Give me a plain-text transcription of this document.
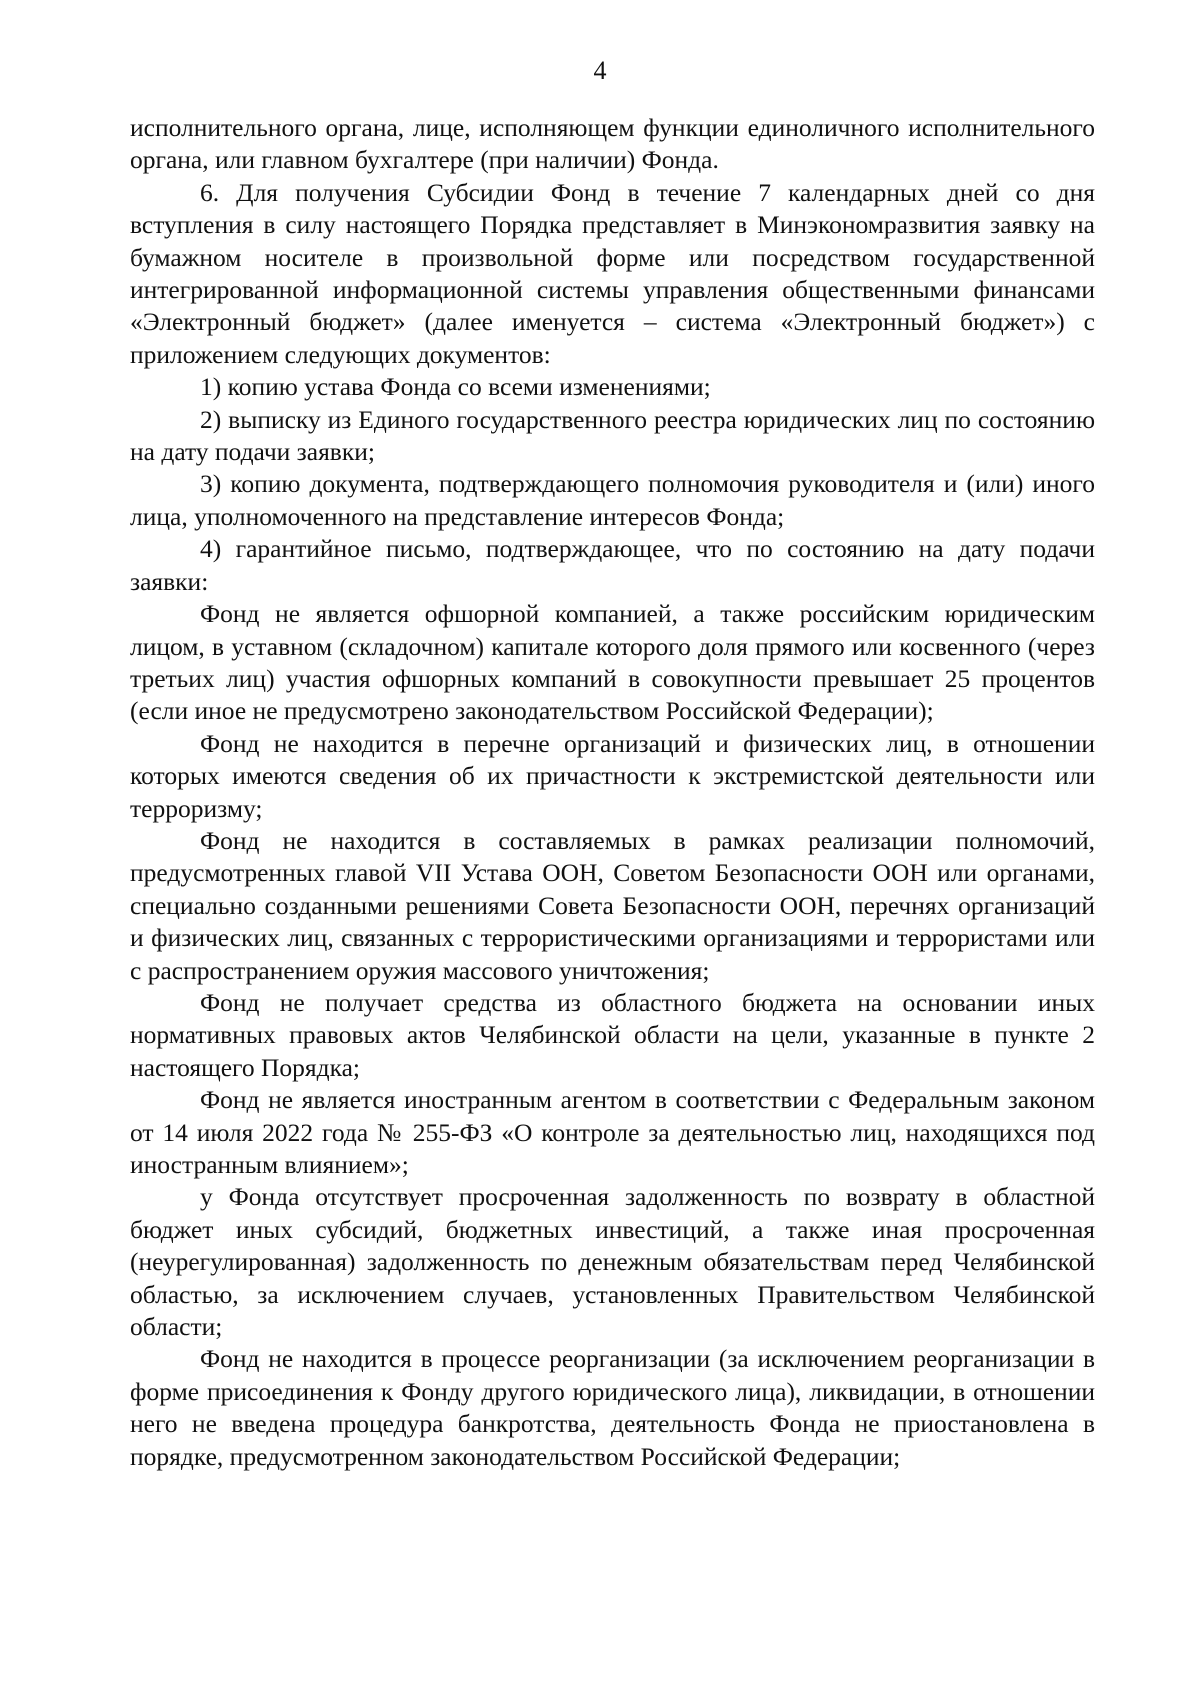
4

исполнительного органа, лице, исполняющем функции единоличного исполнительного органа, или главном бухгалтере (при наличии) Фонда.

6. Для получения Субсидии Фонд в течение 7 календарных дней со дня вступления в силу настоящего Порядка представляет в Минэкономразвития заявку на бумажном носителе в произвольной форме или посредством государственной интегрированной информационной системы управления общественными финансами «Электронный бюджет» (далее именуется – система «Электронный бюджет») с приложением следующих документов:

1) копию устава Фонда со всеми изменениями;

2) выписку из Единого государственного реестра юридических лиц по состоянию на дату подачи заявки;

3) копию документа, подтверждающего полномочия руководителя и (или) иного лица, уполномоченного на представление интересов Фонда;

4) гарантийное письмо, подтверждающее, что по состоянию на дату подачи заявки:

Фонд не является офшорной компанией, а также российским юридическим лицом, в уставном (складочном) капитале которого доля прямого или косвенного (через третьих лиц) участия офшорных компаний в совокупности превышает 25 процентов (если иное не предусмотрено законодательством Российской Федерации);

Фонд не находится в перечне организаций и физических лиц, в отношении которых имеются сведения об их причастности к экстремистской деятельности или терроризму;

Фонд не находится в составляемых в рамках реализации полномочий, предусмотренных главой VII Устава ООН, Советом Безопасности ООН или органами, специально созданными решениями Совета Безопасности ООН, перечнях организаций и физических лиц, связанных с террористическими организациями и террористами или с распространением оружия массового уничтожения;

Фонд не получает средства из областного бюджета на основании иных нормативных правовых актов Челябинской области на цели, указанные в пункте 2 настоящего Порядка;

Фонд не является иностранным агентом в соответствии с Федеральным законом от 14 июля 2022 года № 255-ФЗ «О контроле за деятельностью лиц, находящихся под иностранным влиянием»;

у Фонда отсутствует просроченная задолженность по возврату в областной бюджет иных субсидий, бюджетных инвестиций, а также иная просроченная (неурегулированная) задолженность по денежным обязательствам перед Челябинской областью, за исключением случаев, установленных Правительством Челябинской области;

Фонд не находится в процессе реорганизации (за исключением реорганизации в форме присоединения к Фонду другого юридического лица), ликвидации, в отношении него не введена процедура банкротства, деятельность Фонда не приостановлена в порядке, предусмотренном законодательством Российской Федерации;
